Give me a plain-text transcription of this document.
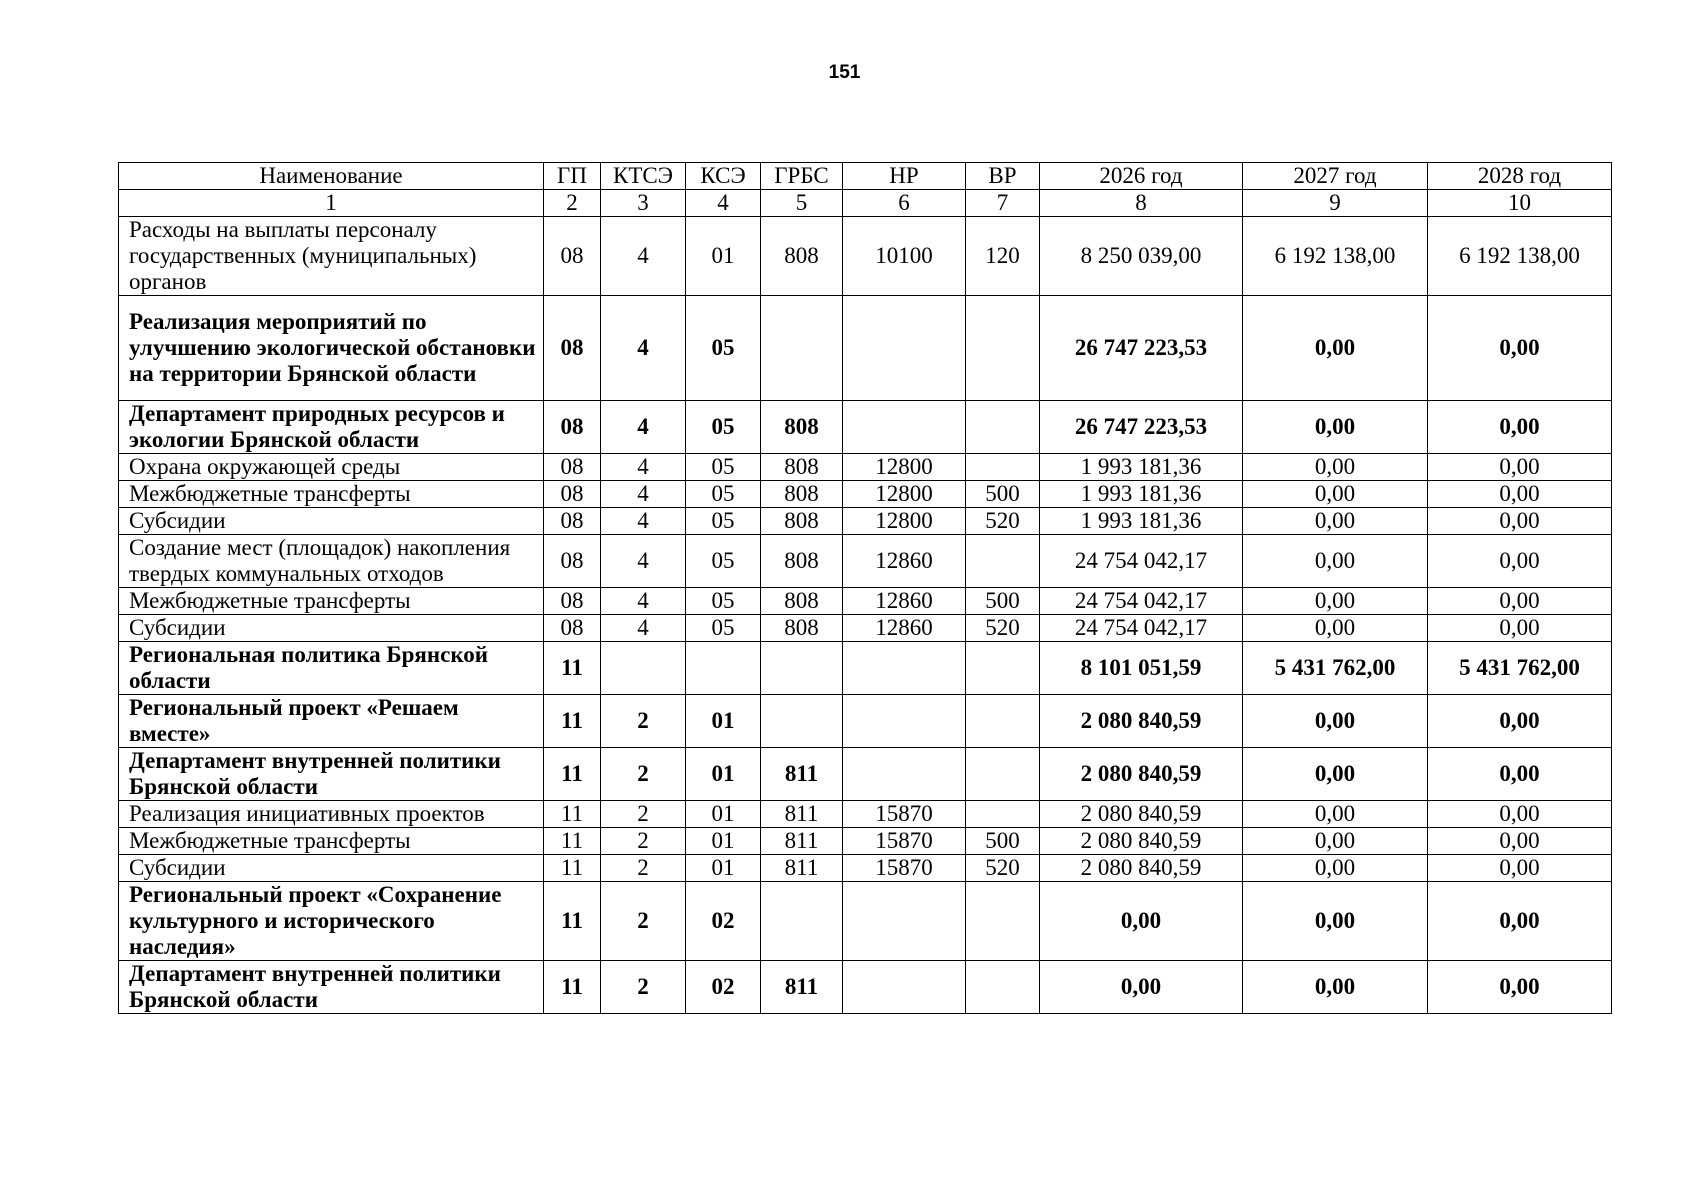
151
Наименование	ГП	КТСЭ	КСЭ	ГРБС	НР	ВР	2026 год	2027 год	2028 год
1	2	3	4	5	6	7	8	9	10
Расходы на выплаты персоналу государственных (муниципальных) органов	08	4	01	808	10100	120	8 250 039,00	6 192 138,00	6 192 138,00
Реализация мероприятий по улучшению экологической обстановки на территории Брянской области	08	4	05				26 747 223,53	0,00	0,00
Департамент природных ресурсов и экологии Брянской области	08	4	05	808			26 747 223,53	0,00	0,00
Охрана окружающей среды	08	4	05	808	12800		1 993 181,36	0,00	0,00
Межбюджетные трансферты	08	4	05	808	12800	500	1 993 181,36	0,00	0,00
Субсидии	08	4	05	808	12800	520	1 993 181,36	0,00	0,00
Создание мест (площадок) накопления твердых коммунальных отходов	08	4	05	808	12860		24 754 042,17	0,00	0,00
Межбюджетные трансферты	08	4	05	808	12860	500	24 754 042,17	0,00	0,00
Субсидии	08	4	05	808	12860	520	24 754 042,17	0,00	0,00
Региональная политика Брянской области	11						8 101 051,59	5 431 762,00	5 431 762,00
Региональный проект «Решаем вместе»	11	2	01				2 080 840,59	0,00	0,00
Департамент внутренней политики Брянской области	11	2	01	811			2 080 840,59	0,00	0,00
Реализация инициативных проектов	11	2	01	811	15870		2 080 840,59	0,00	0,00
Межбюджетные трансферты	11	2	01	811	15870	500	2 080 840,59	0,00	0,00
Субсидии	11	2	01	811	15870	520	2 080 840,59	0,00	0,00
Региональный проект «Сохранение культурного и исторического наследия»	11	2	02				0,00	0,00	0,00
Департамент внутренней политики Брянской области	11	2	02	811			0,00	0,00	0,00
